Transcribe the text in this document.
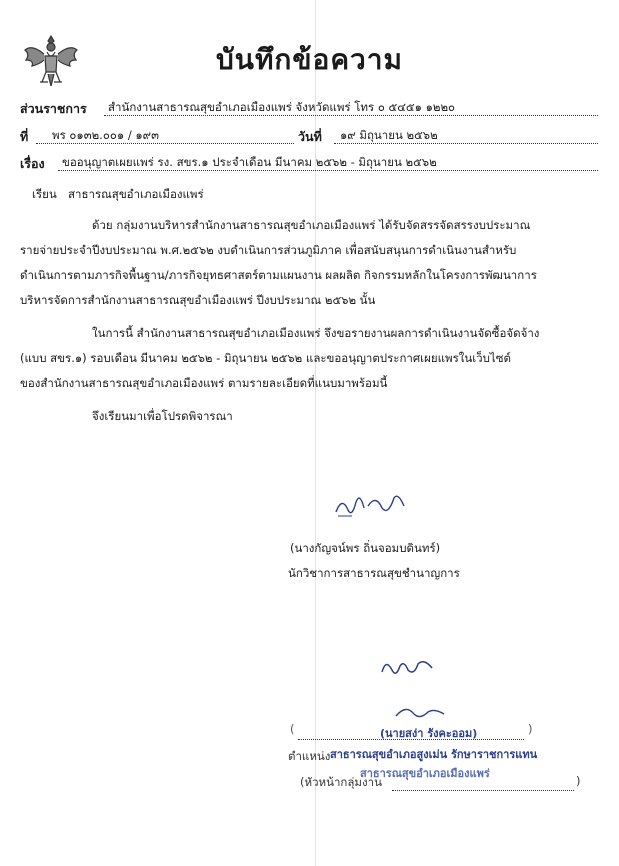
บันทึกข้อความ
ส่วนราชการ สำนักงานสาธารณสุขอำเภอเมืองแพร่ จังหวัดแพร่ โทร ๐ ๕๔๕๑ ๑๒๒๐
ที่ พร ๐๑๓๒.๐๐๑ / ๑๙๓	วันที่ ๑๙ มิถุนายน ๒๕๖๒
เรื่อง ขออนุญาตเผยแพร่ รง. สขร.๑ ประจำเดือน มีนาคม ๒๕๖๒ - มิถุนายน ๒๕๖๒
เรียน สาธารณสุขอำเภอเมืองแพร่

ด้วย กลุ่มงานบริหารสำนักงานสาธารณสุขอำเภอเมืองแพร่ ได้รับจัดสรรจัดสรรงบประมาณ

รายจ่ายประจำปีงบประมาณ พ.ศ.๒๕๖๒ งบดำเนินการส่วนภูมิภาค เพื่อสนับสนุนการดำเนินงานสำหรับ

ดำเนินการตามภารกิจพื้นฐาน/ภารกิจยุทธศาสตร์ตามแผนงาน ผลผลิต กิจกรรมหลักในโครงการพัฒนาการ

บริหารจัดการสำนักงานสาธารณสุขอำเมืองแพร่ ปีงบประมาณ ๒๕๖๒ นั้น

ในการนี้ สำนักงานสาธารณสุขอำเภอเมืองแพร่ จึงขอรายงานผลการดำเนินงานจัดซื้อจัดจ้าง

(แบบ สขร.๑) รอบเดือน มีนาคม ๒๕๖๒ - มิถุนายน ๒๕๖๒ และขออนุญาตประกาศเผยแพรในเว็บไซต์

ของสำนักงานสาธารณสุขอำเภอเมืองแพร่ ตามรายละเอียดที่แนบมาพร้อมนี้

จึงเรียนมาเพื่อโปรดพิจารณา

(นางกัญจน์พร ถิ่นจอมบดินทร์)
นักวิชาการสาธารณสุขชำนาญการ
(นายสง่า รังคะออม)
(	)
ตำแหน่ง สาธารณสุขอำเภอสูงเม่น รักษาราชการแทน
สาธารณสุขอำเภอเมืองแพร่
(หัวหน้ากลุ่มงาน	)
